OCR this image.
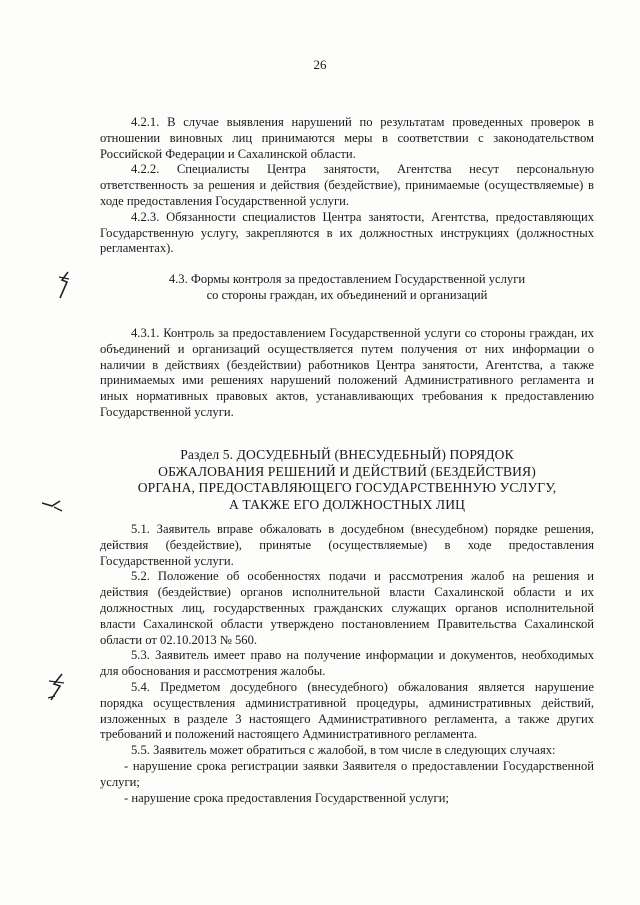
26

4.2.1. В случае выявления нарушений по результатам проведенных проверок в отношении виновных лиц принимаются меры в соответствии с законодательством Российской Федерации и Сахалинской области.

4.2.2. Специалисты Центра занятости, Агентства несут персональную ответственность за решения и действия (бездействие), принимаемые (осуществляемые) в ходе предоставления Государственной услуги.

4.2.3. Обязанности специалистов Центра занятости, Агентства, предоставляющих Государственную услугу, закрепляются в их должностных инструкциях (должностных регламентах).

4.3. Формы контроля за предоставлением Государственной услуги
со стороны граждан, их объединений и организаций

4.3.1. Контроль за предоставлением Государственной услуги со стороны граждан, их объединений и организаций осуществляется путем получения от них информации о наличии в действиях (бездействии) работников Центра занятости, Агентства, а также принимаемых ими решениях нарушений положений Административного регламента и иных нормативных правовых актов, устанавливающих требования к предоставлению Государственной услуги.

Раздел 5. ДОСУДЕБНЫЙ (ВНЕСУДЕБНЫЙ) ПОРЯДОК
ОБЖАЛОВАНИЯ РЕШЕНИЙ И ДЕЙСТВИЙ (БЕЗДЕЙСТВИЯ)
ОРГАНА, ПРЕДОСТАВЛЯЮЩЕГО ГОСУДАРСТВЕННУЮ УСЛУГУ,
А ТАКЖЕ ЕГО ДОЛЖНОСТНЫХ ЛИЦ

5.1. Заявитель вправе обжаловать в досудебном (внесудебном) порядке решения, действия (бездействие), принятые (осуществляемые) в ходе предоставления Государственной услуги.

5.2. Положение об особенностях подачи и рассмотрения жалоб на решения и действия (бездействие) органов исполнительной власти Сахалинской области и их должностных лиц, государственных гражданских служащих органов исполнительной власти Сахалинской области утверждено постановлением Правительства Сахалинской области от 02.10.2013 № 560.

5.3. Заявитель имеет право на получение информации и документов, необходимых для обоснования и рассмотрения жалобы.

5.4. Предметом досудебного (внесудебного) обжалования является нарушение порядка осуществления административной процедуры, административных действий, изложенных в разделе 3 настоящего Административного регламента, а также других требований и положений настоящего Административного регламента.

5.5. Заявитель может обратиться с жалобой, в том числе в следующих случаях:

- нарушение срока регистрации заявки Заявителя о предоставлении Государственной услуги;

- нарушение срока предоставления Государственной услуги;
